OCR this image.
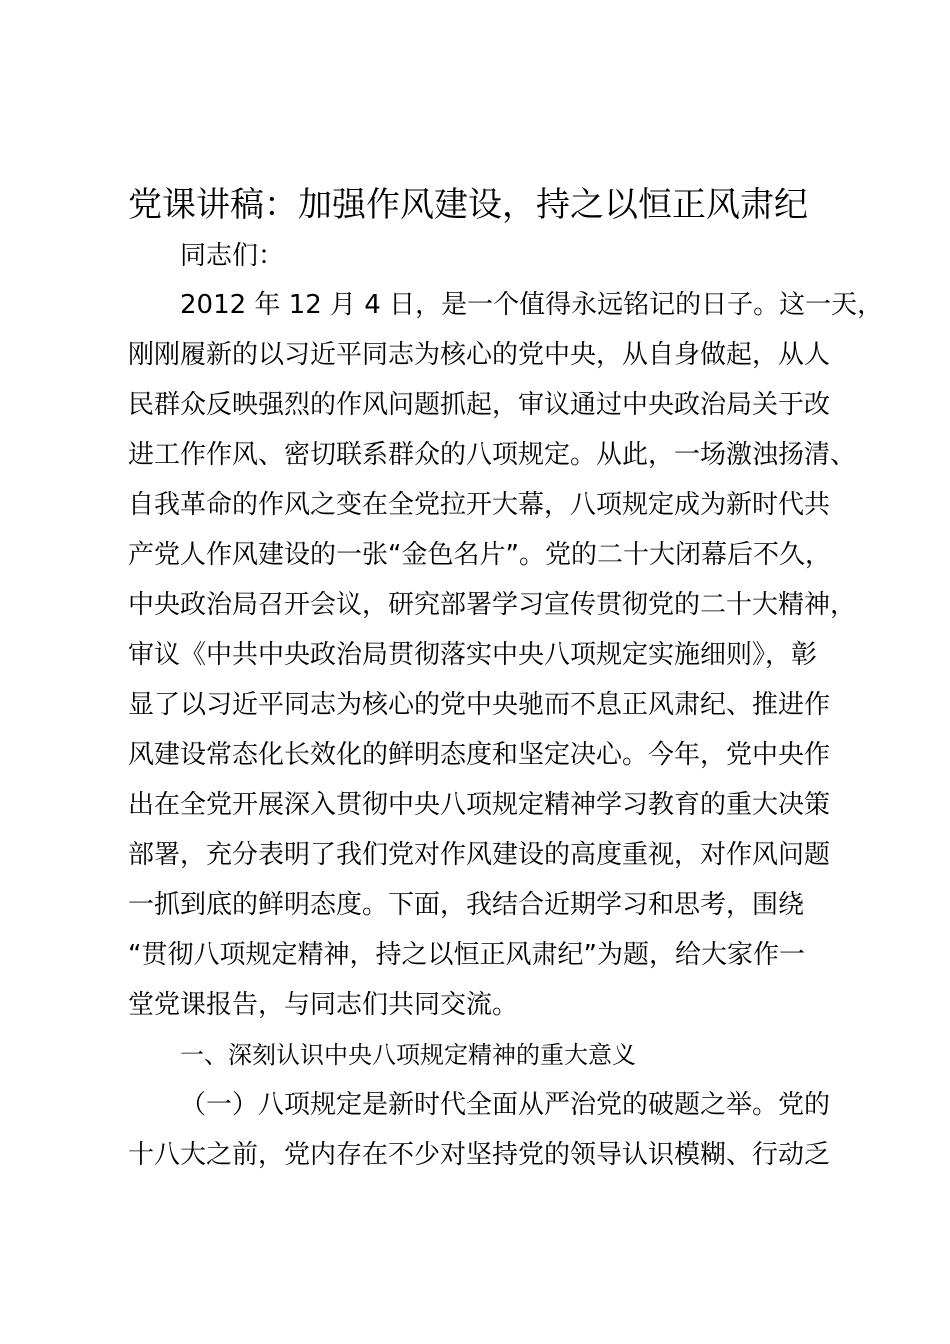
党课讲稿：加强作风建设，持之以恒正风肃纪
同志们：
2012 年 12 月 4 日，是一个值得永远铭记的日子。这一天，
刚刚履新的以习近平同志为核心的党中央，从自身做起，从人
民群众反映强烈的作风问题抓起，审议通过中央政治局关于改
进工作作风、密切联系群众的八项规定。从此，一场激浊扬清、
自我革命的作风之变在全党拉开大幕，八项规定成为新时代共
产党人作风建设的一张“金色名片”。党的二十大闭幕后不久，
中央政治局召开会议，研究部署学习宣传贯彻党的二十大精神，
审议《中共中央政治局贯彻落实中央八项规定实施细则》，彰
显了以习近平同志为核心的党中央驰而不息正风肃纪、推进作
风建设常态化长效化的鲜明态度和坚定决心。今年，党中央作
出在全党开展深入贯彻中央八项规定精神学习教育的重大决策
部署，充分表明了我们党对作风建设的高度重视，对作风问题
一抓到底的鲜明态度。下面，我结合近期学习和思考，围绕
“贯彻八项规定精神，持之以恒正风肃纪”为题，给大家作一
堂党课报告，与同志们共同交流。
一、深刻认识中央八项规定精神的重大意义
（一）八项规定是新时代全面从严治党的破题之举。党的
十八大之前，党内存在不少对坚持党的领导认识模糊、行动乏
